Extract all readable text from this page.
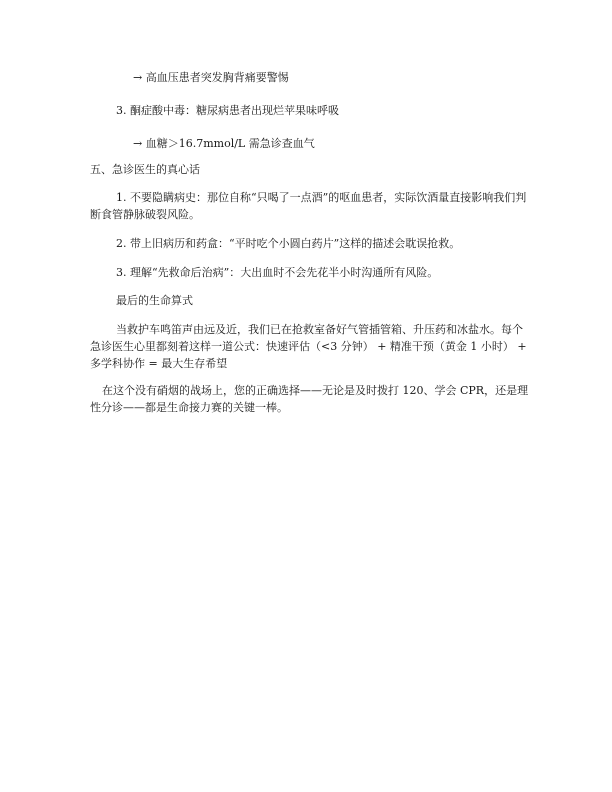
→ 高血压患者突发胸背痛要警惕
3. 酮症酸中毒：糖尿病患者出现烂苹果味呼吸
→ 血糖＞16.7mmol/L 需急诊查血气
五、急诊医生的真心话
1. 不要隐瞒病史：那位自称“只喝了一点酒”的呕血患者，实际饮酒量直接影响我们判断食管静脉破裂风险。
2. 带上旧病历和药盒：“平时吃个小圆白药片”这样的描述会耽误抢救。
3. 理解“先救命后治病”：大出血时不会先花半小时沟通所有风险。
最后的生命算式
当救护车鸣笛声由远及近，我们已在抢救室备好气管插管箱、升压药和冰盐水。每个急诊医生心里都刻着这样一道公式：快速评估（<3 分钟） + 精准干预（黄金 1 小时） + 多学科协作 = 最大生存希望
在这个没有硝烟的战场上，您的正确选择——无论是及时拨打 120、学会 CPR，还是理性分诊——都是生命接力赛的关键一棒。
